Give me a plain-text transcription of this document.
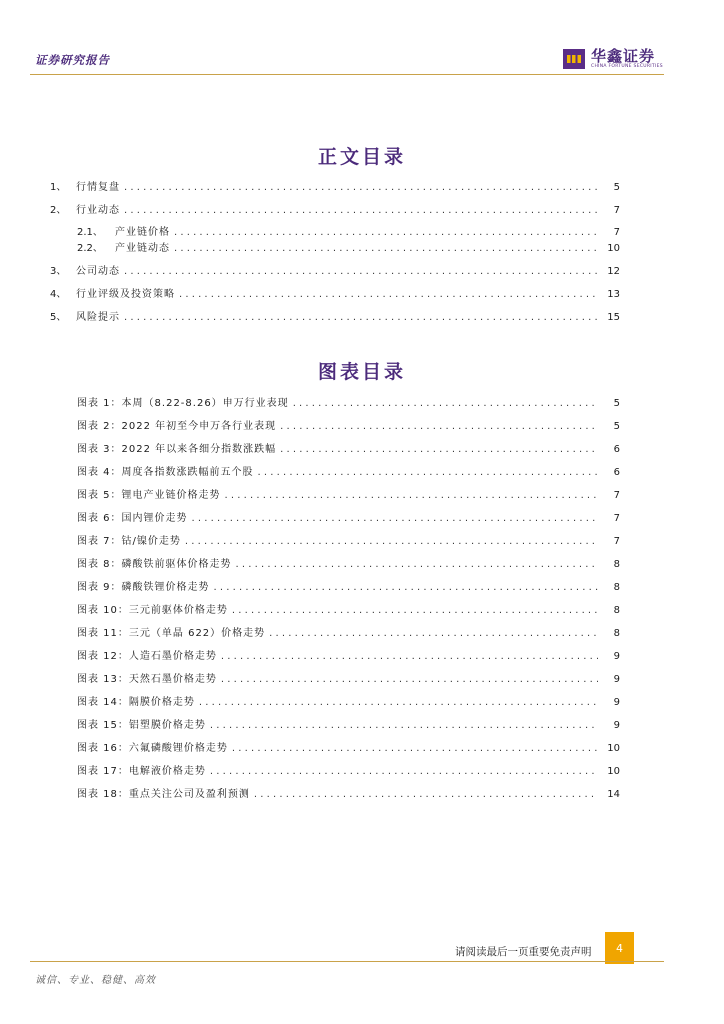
证券研究报告	华鑫证券
CHINA FORTUNE SECURITIES
正文目录
1、 行情复盘 . . .	5
2、 行业动态 . . .	7
2.1、	产业链价格 . . .	7
2.2、	产业链动态 . . .	10
3、 公司动态 . . .	12
4、 行业评级及投资策略 . . .	13
5、 风险提示 . . .	15
图表目录
图表 1：本周（8.22-8.26）申万行业表现 . . .	5
图表 2：2022 年初至今申万各行业表现 . . .	5
图表 3：2022 年以来各细分指数涨跌幅 . . .	6
图表 4：周度各指数涨跌幅前五个股 . . .	6
图表 5：锂电产业链价格走势 . . .	7
图表 6：国内锂价走势 . . .	7
图表 7：钴/镍价走势 . . .	7
图表 8：磷酸铁前驱体价格走势 . . .	8
图表 9：磷酸铁锂价格走势 . . .	8
图表 10：三元前驱体价格走势 . . .	8
图表 11：三元（单晶 622）价格走势 . . .	8
图表 12：人造石墨价格走势 . . .	9
图表 13：天然石墨价格走势 . . .	9
图表 14：隔膜价格走势 . . .	9
图表 15：铝塑膜价格走势 . . .	9
图表 16：六氟磷酸锂价格走势 . . .	10
图表 17：电解液价格走势 . . .	10
图表 18：重点关注公司及盈利预测 . . .	14
请阅读最后一页重要免责声明	4
诚信、专业、稳健、高效
